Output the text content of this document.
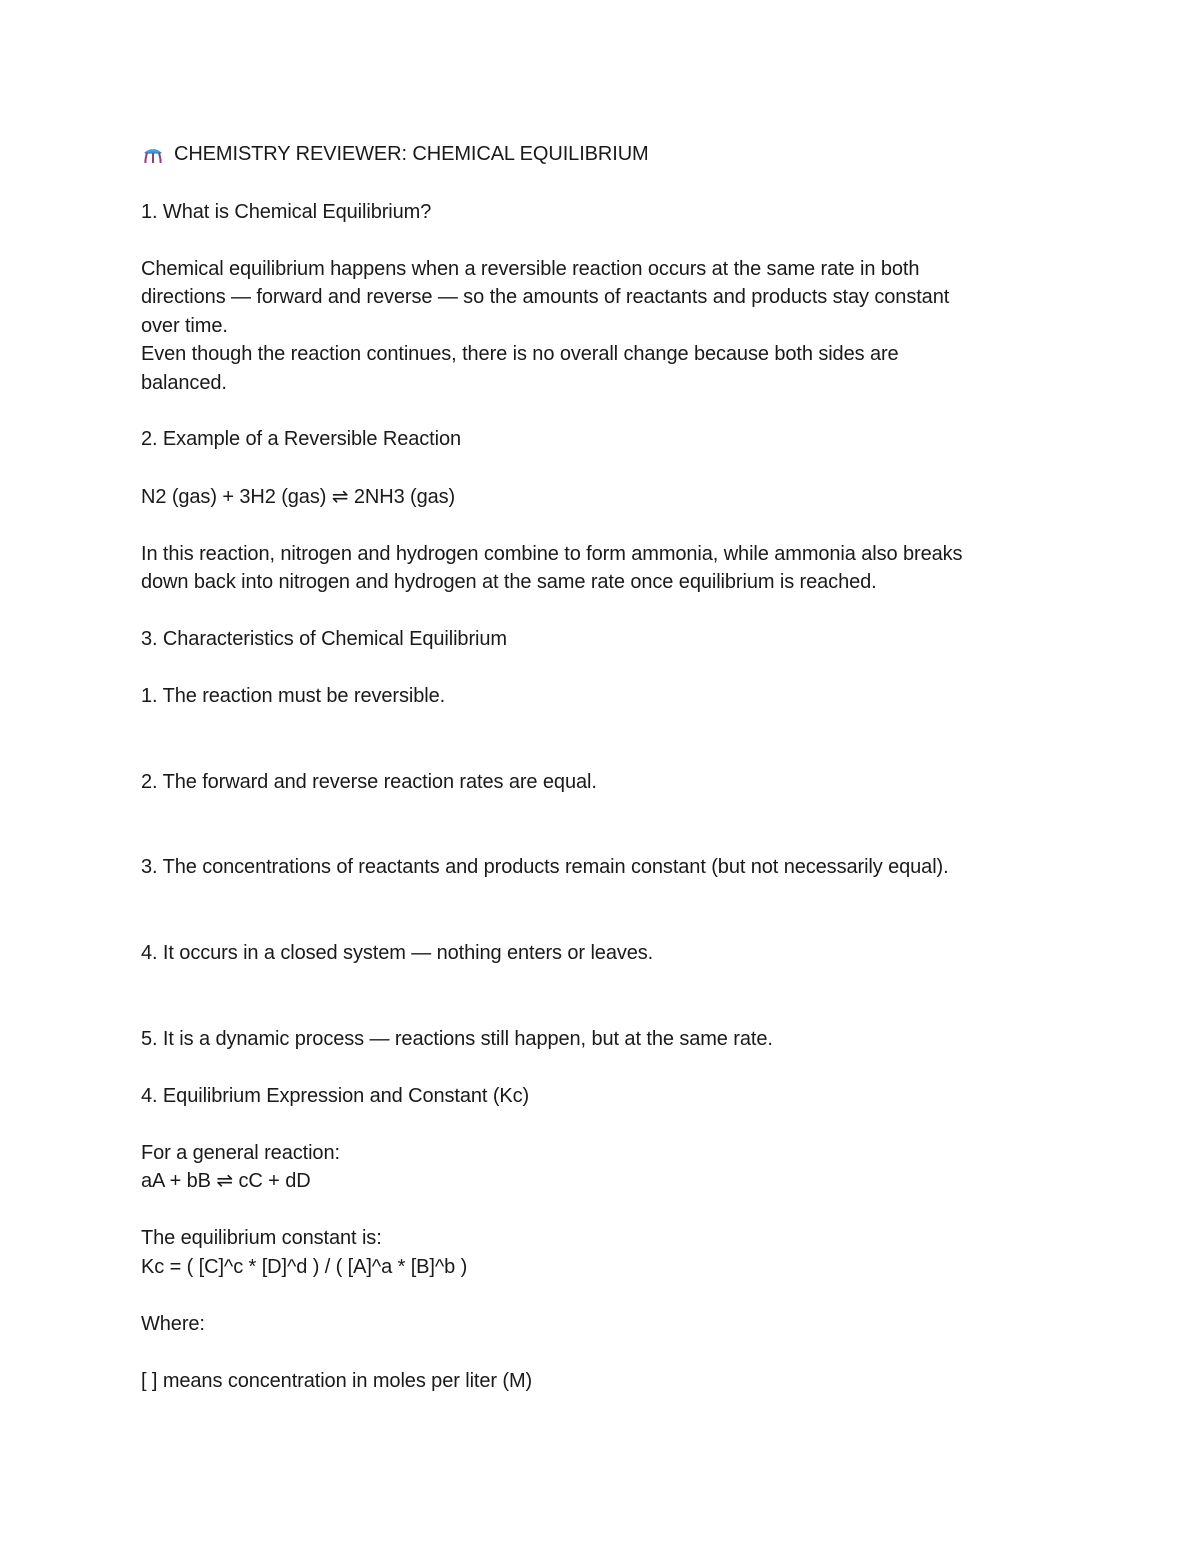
CHEMISTRY REVIEWER: CHEMICAL EQUILIBRIUM
1. What is Chemical Equilibrium?
Chemical equilibrium happens when a reversible reaction occurs at the same rate in both
directions — forward and reverse — so the amounts of reactants and products stay constant
over time.
Even though the reaction continues, there is no overall change because both sides are
balanced.
2. Example of a Reversible Reaction
N2 (gas) + 3H2 (gas) ⇌ 2NH3 (gas)
In this reaction, nitrogen and hydrogen combine to form ammonia, while ammonia also breaks
down back into nitrogen and hydrogen at the same rate once equilibrium is reached.
3. Characteristics of Chemical Equilibrium
1. The reaction must be reversible.
2. The forward and reverse reaction rates are equal.
3. The concentrations of reactants and products remain constant (but not necessarily equal).
4. It occurs in a closed system — nothing enters or leaves.
5. It is a dynamic process — reactions still happen, but at the same rate.
4. Equilibrium Expression and Constant (Kc)
For a general reaction:
aA + bB ⇌ cC + dD
The equilibrium constant is:
Kc = ( [C]^c * [D]^d ) / ( [A]^a * [B]^b )
Where:
[ ] means concentration in moles per liter (M)
